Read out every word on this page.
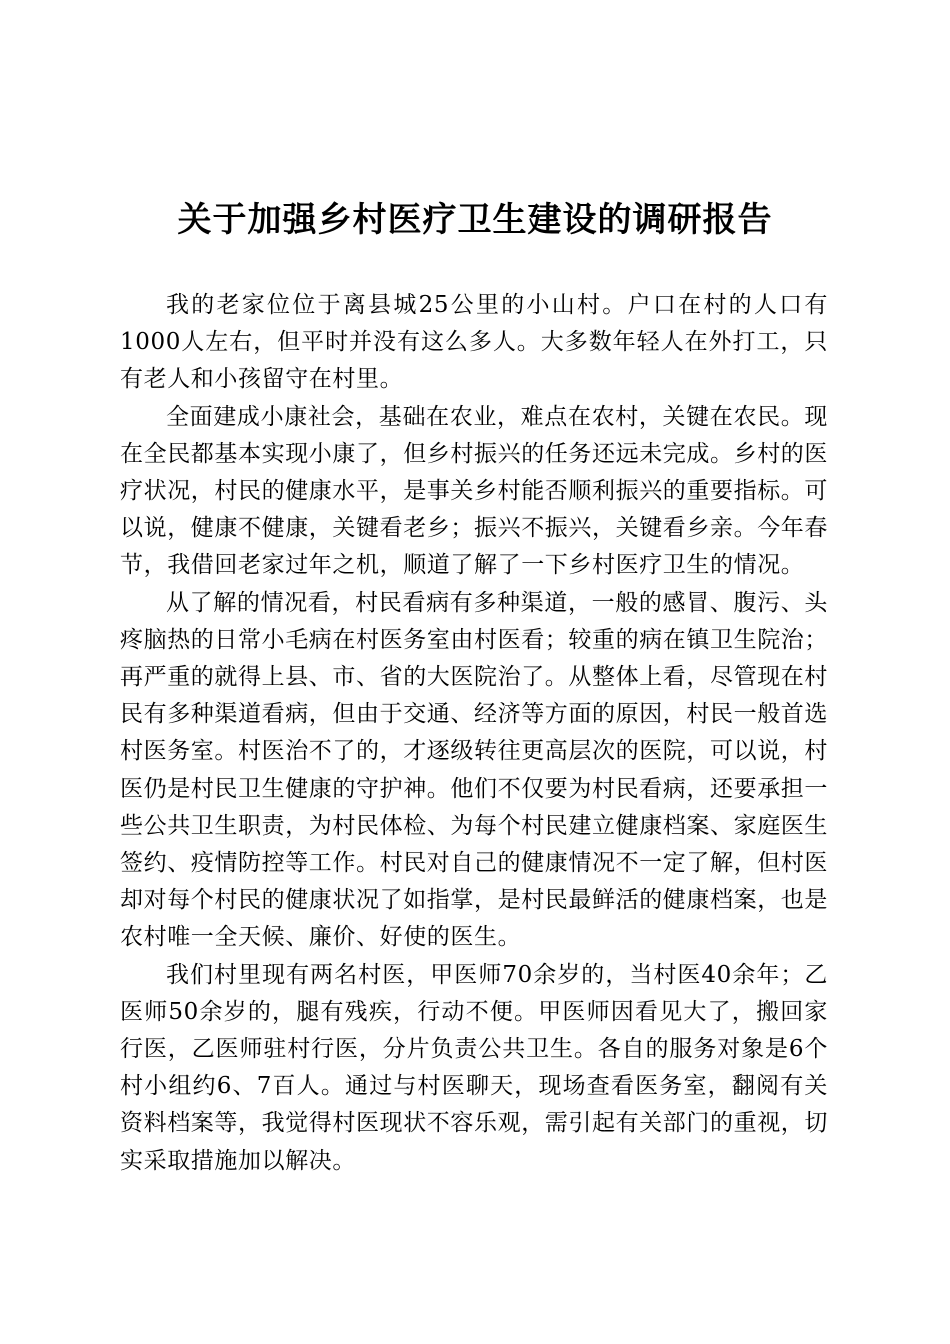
关于加强乡村医疗卫生建设的调研报告

我的老家位位于离县城25公里的小山村。户口在村的人口有1000人左右，但平时并没有这么多人。大多数年轻人在外打工，只有老人和小孩留守在村里。

全面建成小康社会，基础在农业，难点在农村，关键在农民。现在全民都基本实现小康了，但乡村振兴的任务还远未完成。乡村的医疗状况，村民的健康水平，是事关乡村能否顺利振兴的重要指标。可以说，健康不健康，关键看老乡；振兴不振兴，关键看乡亲。今年春节，我借回老家过年之机，顺道了解了一下乡村医疗卫生的情况。

从了解的情况看，村民看病有多种渠道，一般的感冒、腹污、头疼脑热的日常小毛病在村医务室由村医看；较重的病在镇卫生院治；再严重的就得上县、市、省的大医院治了。从整体上看，尽管现在村民有多种渠道看病，但由于交通、经济等方面的原因，村民一般首选村医务室。村医治不了的，才逐级转往更高层次的医院，可以说，村医仍是村民卫生健康的守护神。他们不仅要为村民看病，还要承担一些公共卫生职责，为村民体检、为每个村民建立健康档案、家庭医生签约、疫情防控等工作。村民对自己的健康情况不一定了解，但村医却对每个村民的健康状况了如指掌，是村民最鲜活的健康档案，也是农村唯一全天候、廉价、好使的医生。

我们村里现有两名村医，甲医师70余岁的，当村医40余年；乙医师50余岁的，腿有残疾，行动不便。甲医师因看见大了，搬回家行医，乙医师驻村行医，分片负责公共卫生。各自的服务对象是6个村小组约6、7百人。通过与村医聊天，现场查看医务室，翻阅有关资料档案等，我觉得村医现状不容乐观，需引起有关部门的重视，切实采取措施加以解决。
